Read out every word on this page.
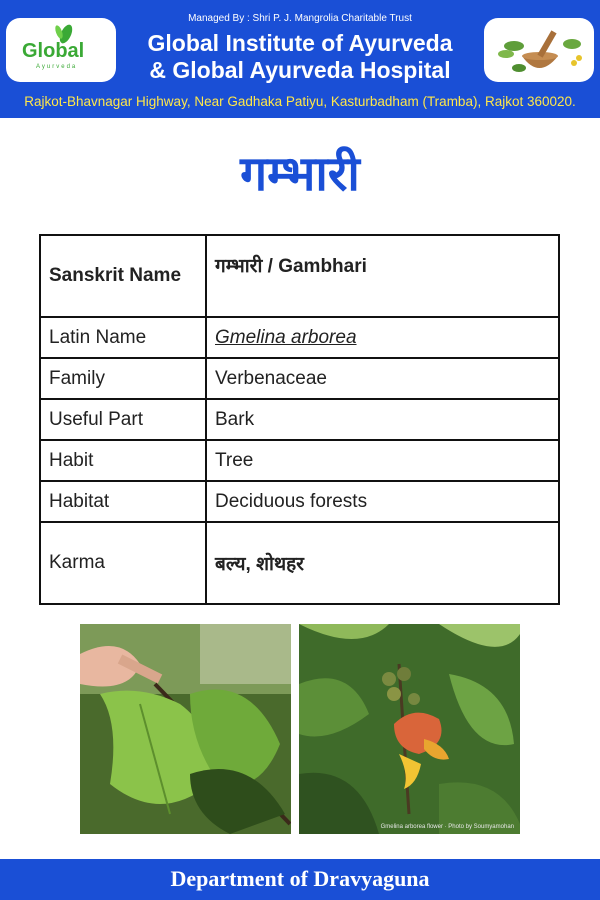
Global
Ayurveda
Managed By : Shri P. J. Mangrolia Charitable Trust
Global Institute of Ayurveda
& Global Ayurveda Hospital
Rajkot-Bhavnagar Highway, Near Gadhaka Patiyu, Kasturbadham (Tramba), Rajkot 360020.
गम्भारी
Sanskrit Name	गम्भारी / Gambhari
Latin Name	Gmelina arborea
Family	Verbenaceae
Useful Part	Bark
Habit	Tree
Habitat	Deciduous forests
Karma	बल्य, शोथहर
Gmelina arborea flower · Photo by Soumyamohan
Department of Dravyaguna
